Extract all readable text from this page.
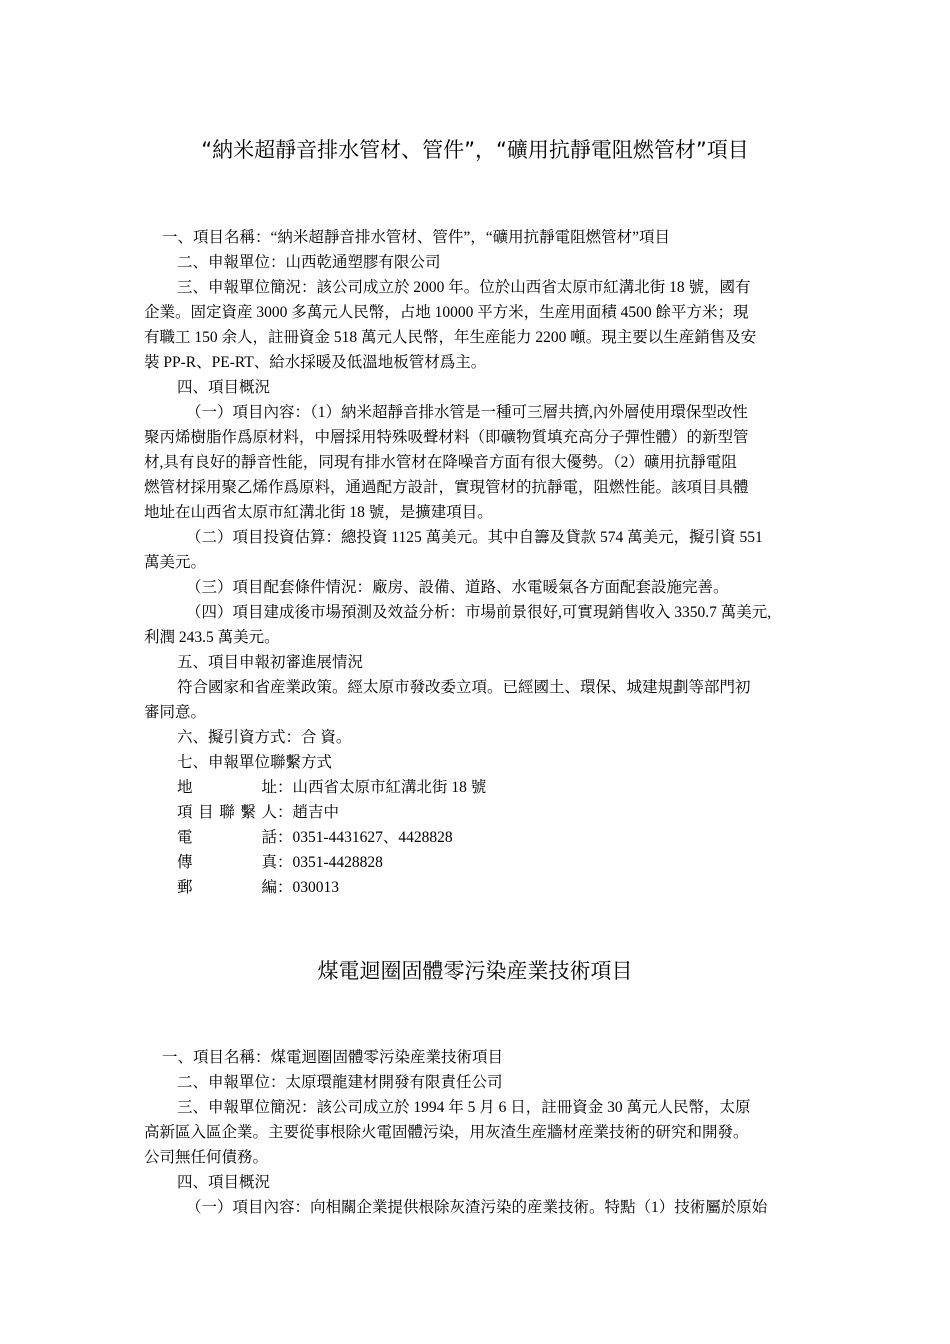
“納米超靜音排水管材、管件”，“礦用抗靜電阻燃管材”項目
一、項目名稱：“納米超靜音排水管材、管件”，“礦用抗靜電阻燃管材”項目
二、申報單位：山西乾通塑膠有限公司
三、申報單位簡況：該公司成立於 2000 年。位於山西省太原市紅溝北街 18 號，國有
企業。固定資産 3000 多萬元人民幣，占地 10000 平方米，生産用面積 4500 餘平方米；現
有職工 150 余人，註冊資金 518 萬元人民幣，年生産能力 2200 噸。現主要以生産銷售及安
裝 PP-R、PE-RT、給水採暖及低溫地板管材爲主。
四、項目概況
（一）項目內容：（1）納米超靜音排水管是一種可三層共擠,內外層使用環保型改性
聚丙烯樹脂作爲原材料，中層採用特殊吸聲材料（即礦物質填充高分子彈性體）的新型管
材,具有良好的靜音性能，同現有排水管材在降噪音方面有很大優勢。（2）礦用抗靜電阻
燃管材採用聚乙烯作爲原料，通過配方設計，實現管材的抗靜電，阻燃性能。該項目具體
地址在山西省太原市紅溝北街 18 號，是擴建項目。
（二）項目投資估算：總投資 1125 萬美元。其中自籌及貸款 574 萬美元，擬引資 551
萬美元。
（三）項目配套條件情況：廠房、設備、道路、水電暖氣各方面配套設施完善。
（四）項目建成後市場預測及效益分析：市場前景很好,可實現銷售收入 3350.7 萬美元,
利潤 243.5 萬美元。
五、項目申報初審進展情況
符合國家和省産業政策。經太原市發改委立項。已經國土、環保、城建規劃等部門初
審同意。
六、擬引資方式：合 資。
七、申報單位聯繫方式
地址：山西省太原市紅溝北街 18 號
項目聯繫人：趙吉中
電話：0351-4431627、4428828
傳真：0351-4428828
郵編：030013
煤電迴圈固體零污染産業技術項目
一、項目名稱：煤電迴圈固體零污染産業技術項目
二、申報單位：太原環龍建材開發有限責任公司
三、申報單位簡況：該公司成立於 1994 年 5 月 6 日，註冊資金 30 萬元人民幣，太原
高新區入區企業。主要從事根除火電固體污染，用灰渣生産牆材産業技術的研究和開發。
公司無任何債務。
四、項目概況
（一）項目內容：向相關企業提供根除灰渣污染的産業技術。特點（1）技術屬於原始
